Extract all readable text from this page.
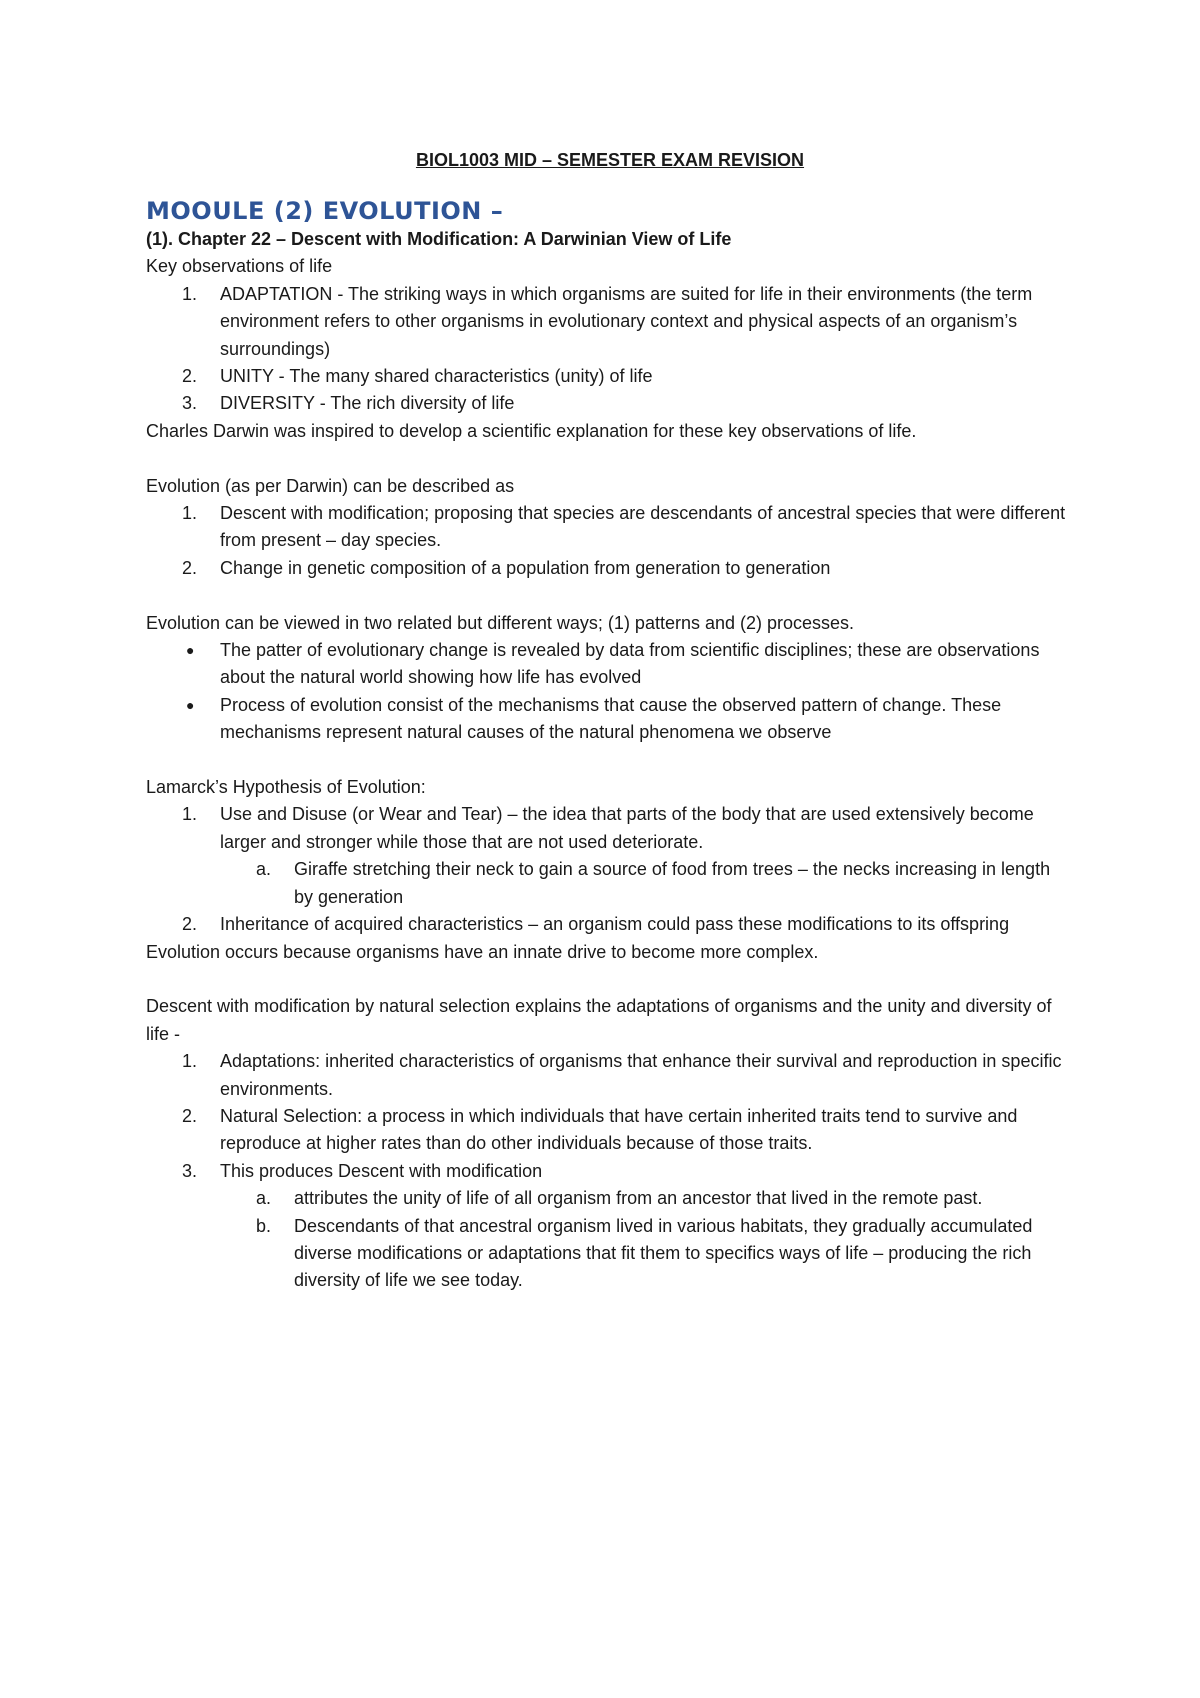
BIOL1003 MID – SEMESTER EXAM REVISION
MOOULE (2) EVOLUTION –

(1). Chapter 22 – Descent with Modification: A Darwinian View of Life

Key observations of life

1. ADAPTATION - The striking ways in which organisms are suited for life in their environments (the term environment refers to other organisms in evolutionary context and physical aspects of an organism’s surroundings)
2. UNITY - The many shared characteristics (unity) of life
3. DIVERSITY - The rich diversity of life

Charles Darwin was inspired to develop a scientific explanation for these key observations of life.

Evolution (as per Darwin) can be described as

1. Descent with modification; proposing that species are descendants of ancestral species that were different from present – day species.
2. Change in genetic composition of a population from generation to generation

Evolution can be viewed in two related but different ways; (1) patterns and (2) processes.

● The patter of evolutionary change is revealed by data from scientific disciplines; these are observations about the natural world showing how life has evolved
● Process of evolution consist of the mechanisms that cause the observed pattern of change. These mechanisms represent natural causes of the natural phenomena we observe

Lamarck’s Hypothesis of Evolution:

1. Use and Disuse (or Wear and Tear) – the idea that parts of the body that are used extensively become larger and stronger while those that are not used deteriorate.
a. Giraffe stretching their neck to gain a source of food from trees – the necks increasing in length by generation
2. Inheritance of acquired characteristics – an organism could pass these modifications to its offspring

Evolution occurs because organisms have an innate drive to become more complex.

Descent with modification by natural selection explains the adaptations of organisms and the unity and diversity of life -

1. Adaptations: inherited characteristics of organisms that enhance their survival and reproduction in specific environments.
2. Natural Selection: a process in which individuals that have certain inherited traits tend to survive and reproduce at higher rates than do other individuals because of those traits.
3. This produces Descent with modification
a. attributes the unity of life of all organism from an ancestor that lived in the remote past.
b. Descendants of that ancestral organism lived in various habitats, they gradually accumulated diverse modifications or adaptations that fit them to specifics ways of life – producing the rich diversity of life we see today.
